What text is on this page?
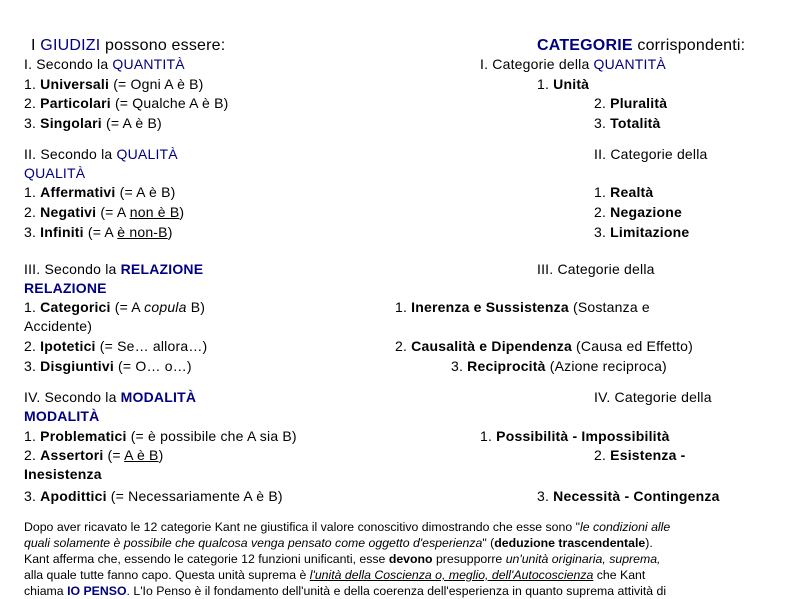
I GIUDIZI possono essere:
I. Secondo la QUANTITÀ
1. Universali (= Ogni A è B)
2. Particolari (= Qualche A è B)
3. Singolari (= A è B)
II. Secondo la QUALITÀ
QUALITÀ
1. Affermativi (= A è B)
2. Negativi (= A non è B)
3. Infiniti (= A è non-B)
III. Secondo la RELAZIONE
RELAZIONE
1. Categorici (= A copula B)
Accidente)
2. Ipotetici (= Se… allora…)
3. Disgiuntivi (= O… o…)
IV. Secondo la MODALITÀ
MODALITÀ
1. Problematici (= è possibile che A sia B)
2. Assertori (= A è B)
Inesistenza
3. Apodittici (= Necessariamente A è B)
CATEGORIE corrispondenti:
I. Categorie della QUANTITÀ
1. Unità
2. Pluralità
3. Totalità
II. Categorie della
1. Realtà
2. Negazione
3. Limitazione
III. Categorie della
1. Inerenza e Sussistenza (Sostanza e
2. Causalità e Dipendenza (Causa ed Effetto)
3. Reciprocità (Azione reciproca)
IV. Categorie della
1. Possibilità - Impossibilità
2. Esistenza -
3. Necessità - Contingenza
Dopo aver ricavato le 12 categorie Kant ne giustifica il valore conoscitivo dimostrando che esse sono "le condizioni alle
quali solamente è possibile che qualcosa venga pensato come oggetto d'esperienza" (deduzione trascendentale).
Kant afferma che, essendo le categorie 12 funzioni unificanti, esse devono presupporre un'unità originaria, suprema,
alla quale tutte fanno capo. Questa unità suprema è l'unità della Coscienza o, meglio, dell'Autocoscienza che Kant
chiama IO PENSO. L'Io Penso è il fondamento dell'unità e della coerenza dell'esperienza in quanto suprema attività di
